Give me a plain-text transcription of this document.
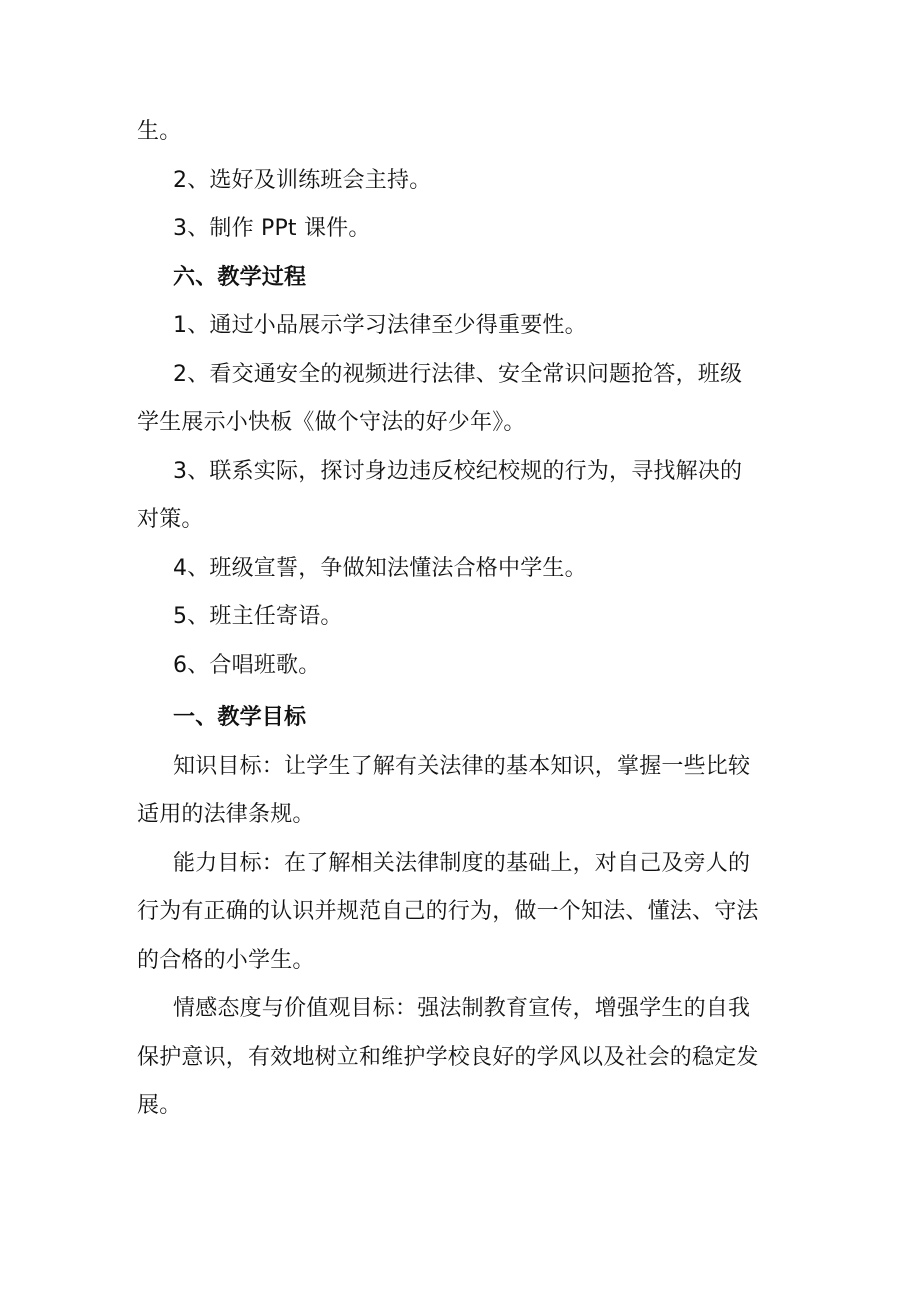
生。

2、选好及训练班会主持。

3、制作 PPt 课件。

六、教学过程

1、通过小品展示学习法律至少得重要性。

2、看交通安全的视频进行法律、安全常识问题抢答，班级

学生展示小快板《做个守法的好少年》。

3、联系实际，探讨身边违反校纪校规的行为，寻找解决的

对策。

4、班级宣誓，争做知法懂法合格中学生。

5、班主任寄语。

6、合唱班歌。

一、教学目标

知识目标：让学生了解有关法律的基本知识，掌握一些比较

适用的法律条规。

能力目标：在了解相关法律制度的基础上，对自己及旁人的

行为有正确的认识并规范自己的行为，做一个知法、懂法、守法

的合格的小学生。

情感态度与价值观目标：强法制教育宣传，增强学生的自我

保护意识，有效地树立和维护学校良好的学风以及社会的稳定发

展。
